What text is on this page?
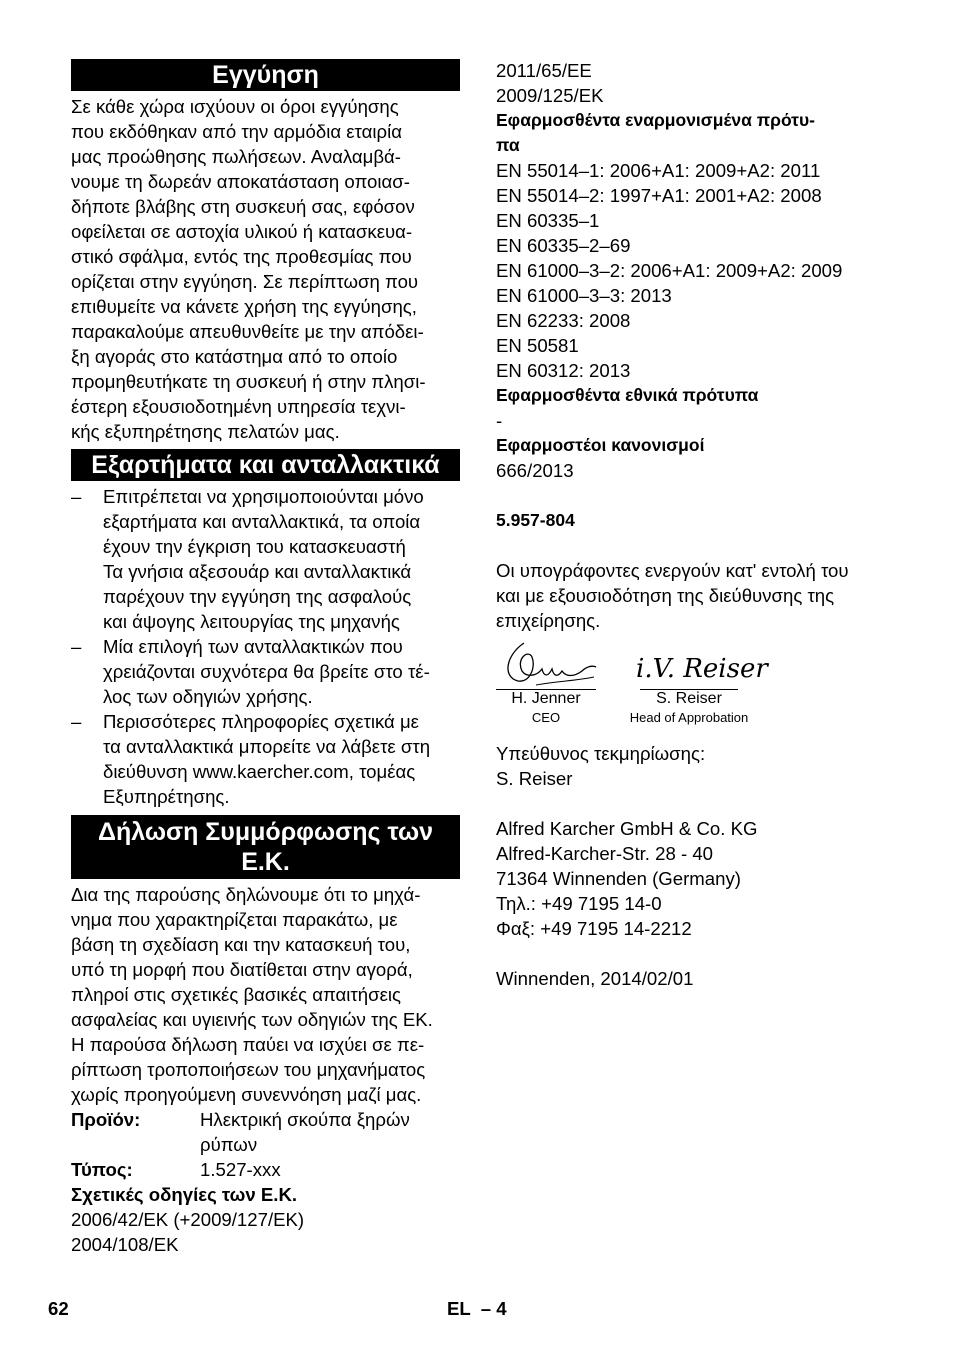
Εγγύηση
Σε κάθε χώρα ισχύουν οι όροι εγγύησης
που εκδόθηκαν από την αρμόδια εταιρία
μας προώθησης πωλήσεων. Αναλαμβά-
νουμε τη δωρεάν αποκατάσταση οποιασ-
δήποτε βλάβης στη συσκευή σας, εφόσον
οφείλεται σε αστοχία υλικού ή κατασκευα-
στικό σφάλμα, εντός της προθεσμίας που
ορίζεται στην εγγύηση. Σε περίπτωση που
επιθυμείτε να κάνετε χρήση της εγγύησης,
παρακαλούμε απευθυνθείτε με την απόδει-
ξη αγοράς στο κατάστημα από το οποίο
προμηθευτήκατε τη συσκευή ή στην πλησι-
έστερη εξουσιοδοτημένη υπηρεσία τεχνι-
κής εξυπηρέτησης πελατών μας.
Εξαρτήματα και ανταλλακτικά
– Επιτρέπεται να χρησιμοποιούνται μόνο
εξαρτήματα και ανταλλακτικά, τα οποία
έχουν την έγκριση του κατασκευαστή
Τα γνήσια αξεσουάρ και ανταλλακτικά
παρέχουν την εγγύηση της ασφαλούς
και άψογης λειτουργίας της μηχανής
– Μία επιλογή των ανταλλακτικών που
χρειάζονται συχνότερα θα βρείτε στο τέ-
λος των οδηγιών χρήσης.
– Περισσότερες πληροφορίες σχετικά με
τα ανταλλακτικά μπορείτε να λάβετε στη
διεύθυνση www.kaercher.com, τομέας
Εξυπηρέτησης.
Δήλωση Συμμόρφωσης των
Ε.Κ.
Δια της παρούσης δηλώνουμε ότι το μηχά-
νημα που χαρακτηρίζεται παρακάτω, με
βάση τη σχεδίαση και την κατασκευή του,
υπό τη μορφή που διατίθεται στην αγορά,
πληροί στις σχετικές βασικές απαιτήσεις
ασφαλείας και υγιεινής των οδηγιών της ΕΚ.
Η παρούσα δήλωση παύει να ισχύει σε πε-
ρίπτωση τροποποιήσεων του μηχανήματος
χωρίς προηγούμενη συνεννόηση μαζί μας.
Προϊόν:	Ηλεκτρική σκούπα ξηρών
ρύπων
Τύπος:	1.527-xxx
Σχετικές οδηγίες των Ε.Κ.
2006/42/ΕΚ (+2009/127/ΕΚ)
2004/108/ΕΚ
2011/65/ΕΕ
2009/125/ΕΚ
Εφαρμοσθέντα εναρμονισμένα πρότυ-
πα
EN 55014–1: 2006+A1: 2009+A2: 2011
EN 55014–2: 1997+A1: 2001+A2: 2008
EN 60335–1
EN 60335–2–69
EN 61000–3–2: 2006+A1: 2009+A2: 2009
EN 61000–3–3: 2013
EN 62233: 2008
EN 50581
EN 60312: 2013
Εφαρμοσθέντα εθνικά πρότυπα
-
Εφαρμοστέοι κανονισμοί
666/2013
5.957-804
Οι υπογράφοντες ενεργούν κατ' εντολή του
και με εξουσιοδότηση της διεύθυνσης της
επιχείρησης.
H. Jenner
CEO
i.V. Reiser
S. Reiser
Head of Approbation
Υπεύθυνος τεκμηρίωσης:
S. Reiser
Alfred Karcher GmbH & Co. KG
Alfred-Karcher-Str. 28 - 40
71364 Winnenden (Germany)
Τηλ.: +49 7195 14-0
Φαξ: +49 7195 14-2212
Winnenden, 2014/02/01
62	EL  – 4
